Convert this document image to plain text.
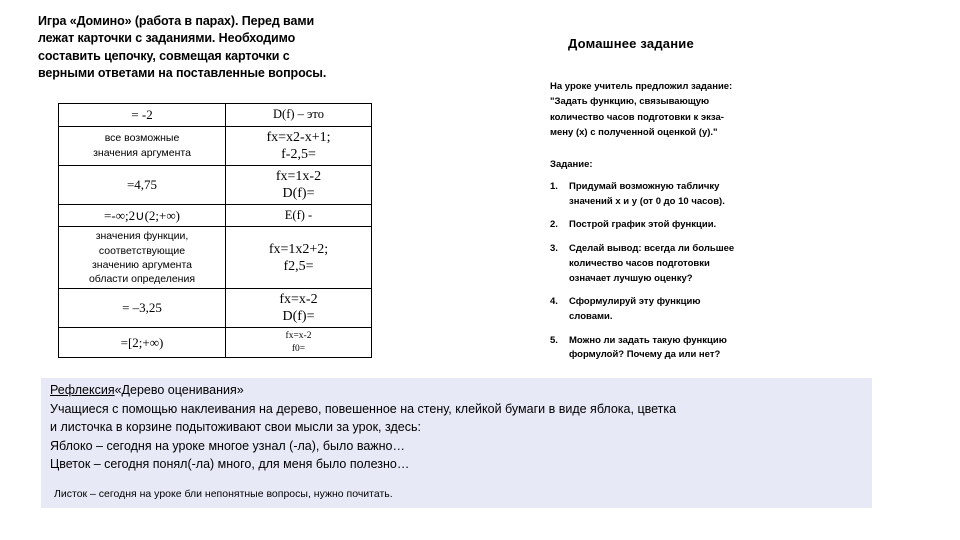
Игра «Домино» (работа в парах). Перед вами
лежат карточки с заданиями. Необходимо
составить цепочку, совмещая карточки с
верными ответами на поставленные вопросы.
= -2	D(f) – это

все возможные
значения аргумента	fx=x2-x+1;
f-2,5=

=4,75	fx=1x-2
D(f)=

=-∞;2∪(2;+∞)	E(f) -

значения функции,
соответствующие
значению аргумента
области определения	fx=1x2+2;
f2,5=

= –3,25	fx=x-2
D(f)=

=[2;+∞)	fx=x-2
f0=
Домашнее задание
На уроке учитель предложил задание:
"Задать функцию, связывающую
количество часов подготовки к экза-
мену (х) с полученной оценкой (у)."
Задание:
1. Придумай возможную табличку
значений х и у (от 0 до 10 часов).
2. Построй график этой функции.
3. Сделай вывод: всегда ли большее
количество часов подготовки
означает лучшую оценку?
4. Сформулируй эту функцию
словами.
5. Можно ли задать такую функцию
формулой? Почему да или нет?
Рефлексия«Дерево оценивания»
Учащиеся с помощью наклеивания на дерево, повешенное на стену, клейкой бумаги в виде яблока, цветка
и листочка в корзине подытоживают свои мысли за урок, здесь:
Яблоко – сегодня на уроке многое узнал (-ла), было важно…
Цветок – сегодня понял(-ла) много, для меня было полезно…
Листок – сегодня на уроке бли непонятные вопросы, нужно почитать.
